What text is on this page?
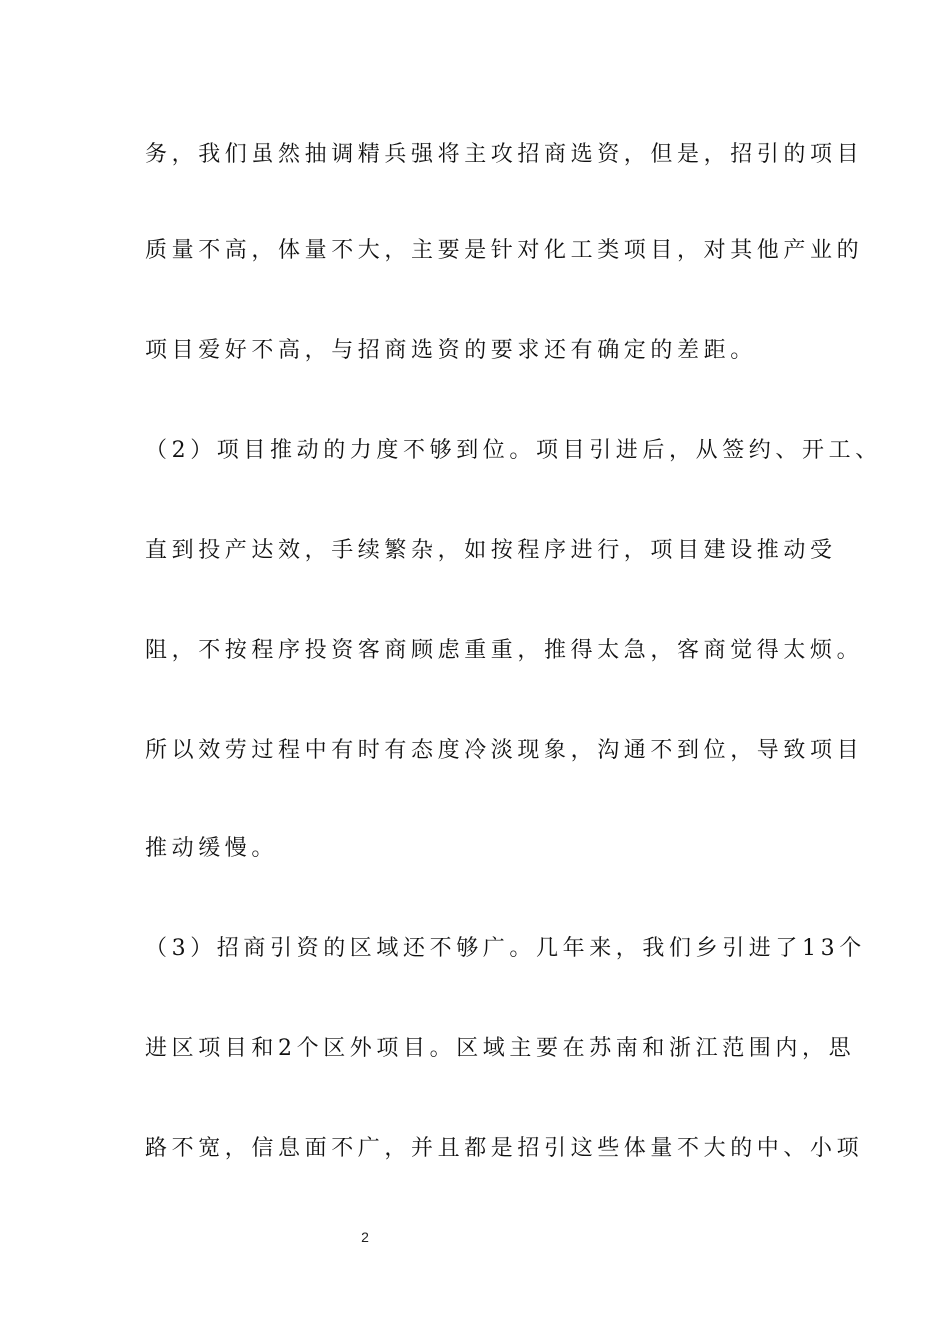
务，我们虽然抽调精兵强将主攻招商选资，但是，招引的项目
质量不高，体量不大，主要是针对化工类项目，对其他产业的
项目爱好不高，与招商选资的要求还有确定的差距。
（2）项目推动的力度不够到位。项目引进后，从签约、开工、
直到投产达效，手续繁杂，如按程序进行，项目建设推动受
阻，不按程序投资客商顾虑重重，推得太急，客商觉得太烦。
所以效劳过程中有时有态度冷淡现象，沟通不到位，导致项目
推动缓慢。
（3）招商引资的区域还不够广。几年来，我们乡引进了13个
进区项目和2个区外项目。区域主要在苏南和浙江范围内，思
路不宽，信息面不广，并且都是招引这些体量不大的中、小项
2
